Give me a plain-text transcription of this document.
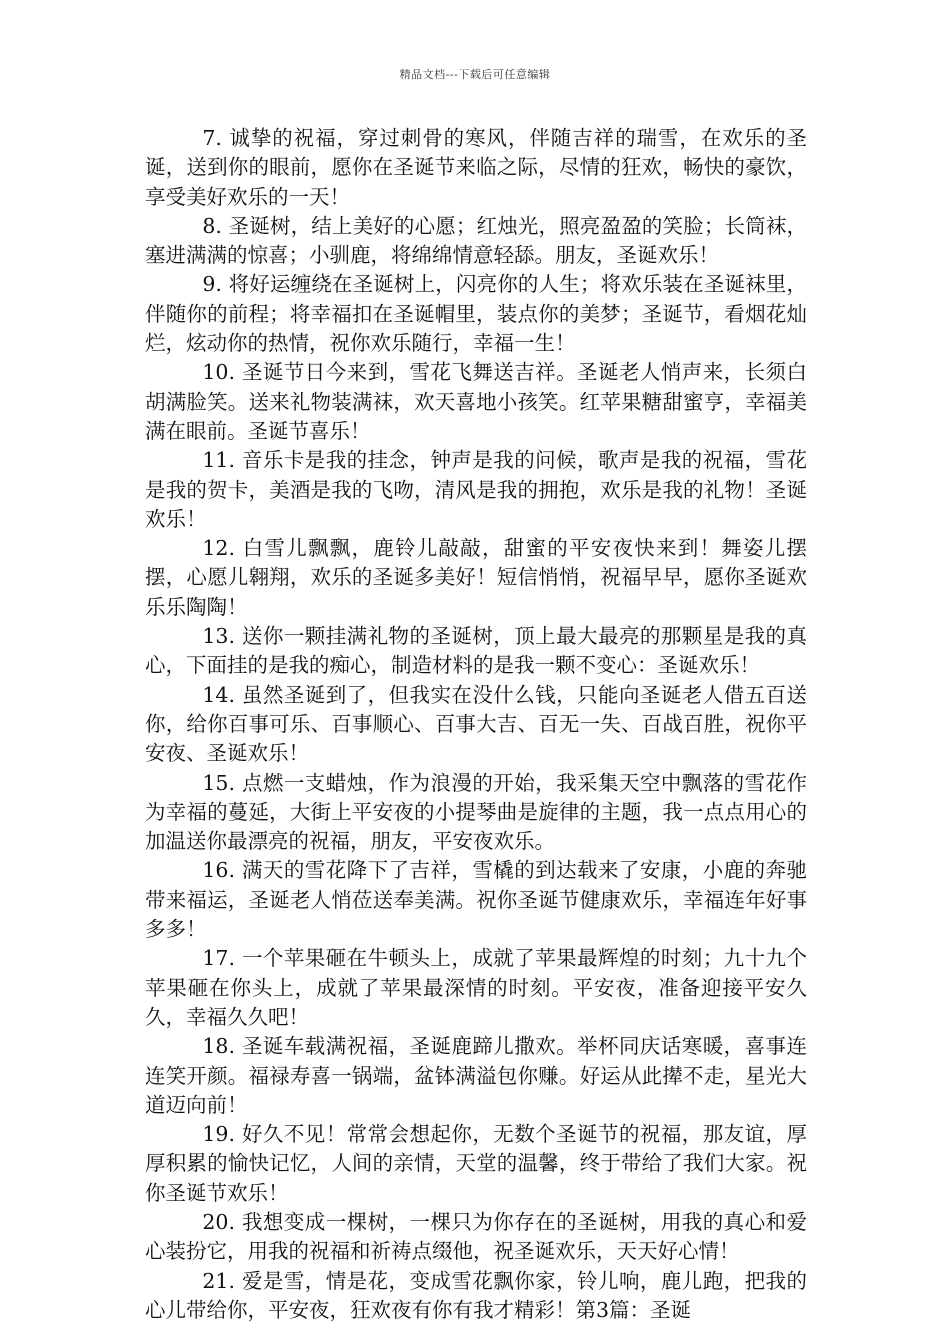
精品文档---下载后可任意编辑

7. 诚挚的祝福，穿过刺骨的寒风，伴随吉祥的瑞雪，在欢乐的圣诞，送到你的眼前，愿你在圣诞节来临之际，尽情的狂欢，畅快的豪饮，享受美好欢乐的一天！

8. 圣诞树，结上美好的心愿；红烛光，照亮盈盈的笑脸；长筒袜，塞进满满的惊喜；小驯鹿，将绵绵情意轻舔。朋友，圣诞欢乐！

9. 将好运缠绕在圣诞树上，闪亮你的人生；将欢乐装在圣诞袜里，伴随你的前程；将幸福扣在圣诞帽里，装点你的美梦；圣诞节，看烟花灿烂，炫动你的热情，祝你欢乐随行，幸福一生！

10. 圣诞节日今来到，雪花飞舞送吉祥。圣诞老人悄声来，长须白胡满脸笑。送来礼物装满袜，欢天喜地小孩笑。红苹果糖甜蜜亨，幸福美满在眼前。圣诞节喜乐！

11. 音乐卡是我的挂念，钟声是我的问候，歌声是我的祝福，雪花是我的贺卡，美酒是我的飞吻，清风是我的拥抱，欢乐是我的礼物！圣诞欢乐！

12. 白雪儿飘飘，鹿铃儿敲敲，甜蜜的平安夜快来到！舞姿儿摆摆，心愿儿翱翔，欢乐的圣诞多美好！短信悄悄，祝福早早，愿你圣诞欢乐乐陶陶！

13. 送你一颗挂满礼物的圣诞树，顶上最大最亮的那颗星是我的真心，下面挂的是我的痴心，制造材料的是我一颗不变心：圣诞欢乐！

14. 虽然圣诞到了，但我实在没什么钱，只能向圣诞老人借五百送你，给你百事可乐、百事顺心、百事大吉、百无一失、百战百胜，祝你平安夜、圣诞欢乐！

15. 点燃一支蜡烛，作为浪漫的开始，我采集天空中飘落的雪花作为幸福的蔓延，大街上平安夜的小提琴曲是旋律的主题，我一点点用心的加温送你最漂亮的祝福，朋友，平安夜欢乐。

16. 满天的雪花降下了吉祥，雪橇的到达载来了安康，小鹿的奔驰带来福运，圣诞老人悄莅送奉美满。祝你圣诞节健康欢乐，幸福连年好事多多！

17. 一个苹果砸在牛顿头上，成就了苹果最辉煌的时刻；九十九个苹果砸在你头上，成就了苹果最深情的时刻。平安夜，准备迎接平安久久，幸福久久吧！

18. 圣诞车载满祝福，圣诞鹿蹄儿撒欢。举杯同庆话寒暖，喜事连连笑开颜。福禄寿喜一锅端，盆钵满溢包你赚。好运从此撵不走，星光大道迈向前！

19. 好久不见！常常会想起你，无数个圣诞节的祝福，那友谊，厚厚积累的愉快记忆，人间的亲情，天堂的温馨，终于带给了我们大家。祝你圣诞节欢乐！

20. 我想变成一棵树，一棵只为你存在的圣诞树，用我的真心和爱心装扮它，用我的祝福和祈祷点缀他，祝圣诞欢乐，天天好心情！

21. 爱是雪，情是花，变成雪花飘你家，铃儿响，鹿儿跑，把我的心儿带给你，平安夜，狂欢夜有你有我才精彩！第3篇：圣诞
